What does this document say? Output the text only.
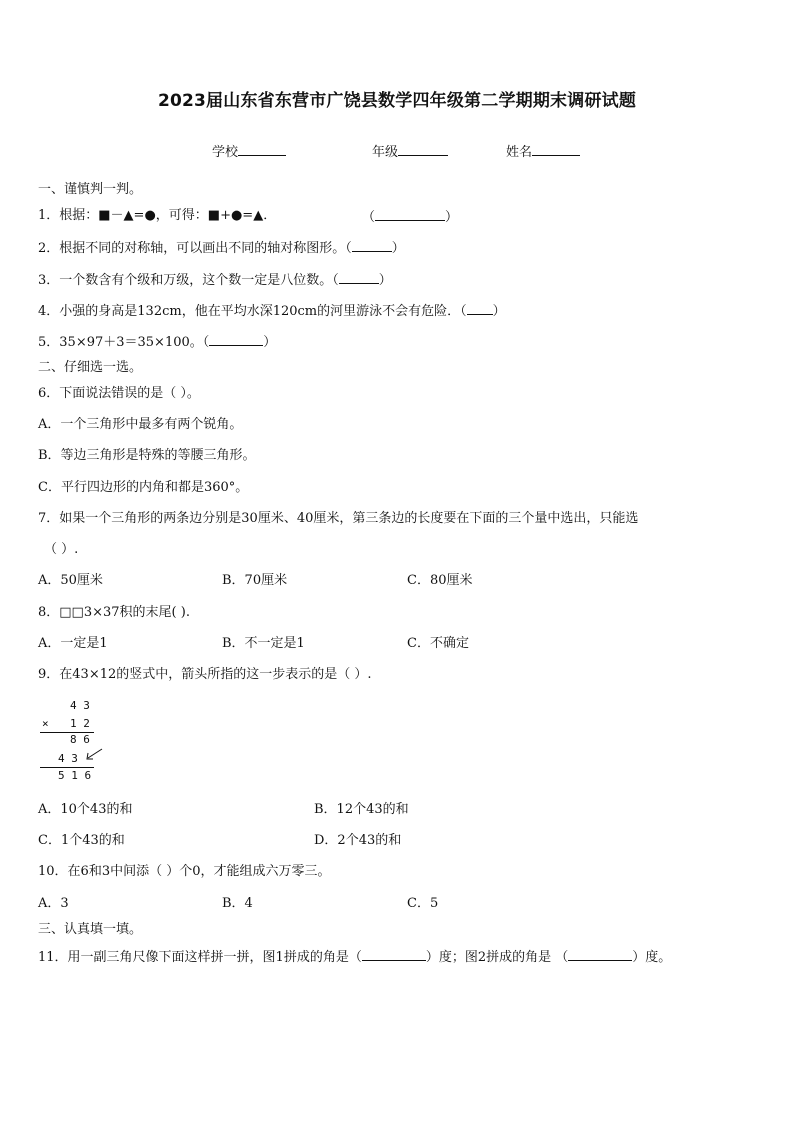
2023届山东省东营市广饶县数学四年级第二学期期末调研试题
学校	年级	姓名
一、谨慎判一判。
1．根据：■－▲=●，可得：■+●=▲．	（	）
2．根据不同的对称轴，可以画出不同的轴对称图形。（	）
3．一个数含有个级和万级，这个数一定是八位数。（	）
4．小强的身高是132cm，他在平均水深120cm的河里游泳不会有危险．（ ）
5．35×97＋3＝35×100。（	）
二、仔细选一选。
6．下面说法错误的是（ ）。
A．一个三角形中最多有两个锐角。
B．等边三角形是特殊的等腰三角形。
C．平行四边形的内角和都是360°。
7．如果一个三角形的两条边分别是30厘米、40厘米，第三条边的长度要在下面的三个量中选出，只能选
（ ）.
A．50厘米	B．70厘米	C．80厘米
8．□□3×37积的末尾( ).
A．一定是1	B．不一定是1	C．不确定
9．在43×12的竖式中，箭头所指的这一步表示的是（ ）.
4 3
× 1 2
8 6
4 3
5 1 6
A．10个43的和	B．12个43的和
C．1个43的和	D．2个43的和
10．在6和3中间添（ ）个0，才能组成六万零三。
A．3	B．4	C．5
三、认真填一填。
11．用一副三角尺像下面这样拼一拼，图1拼成的角是（	）度；图2拼成的角是 （	）度。
